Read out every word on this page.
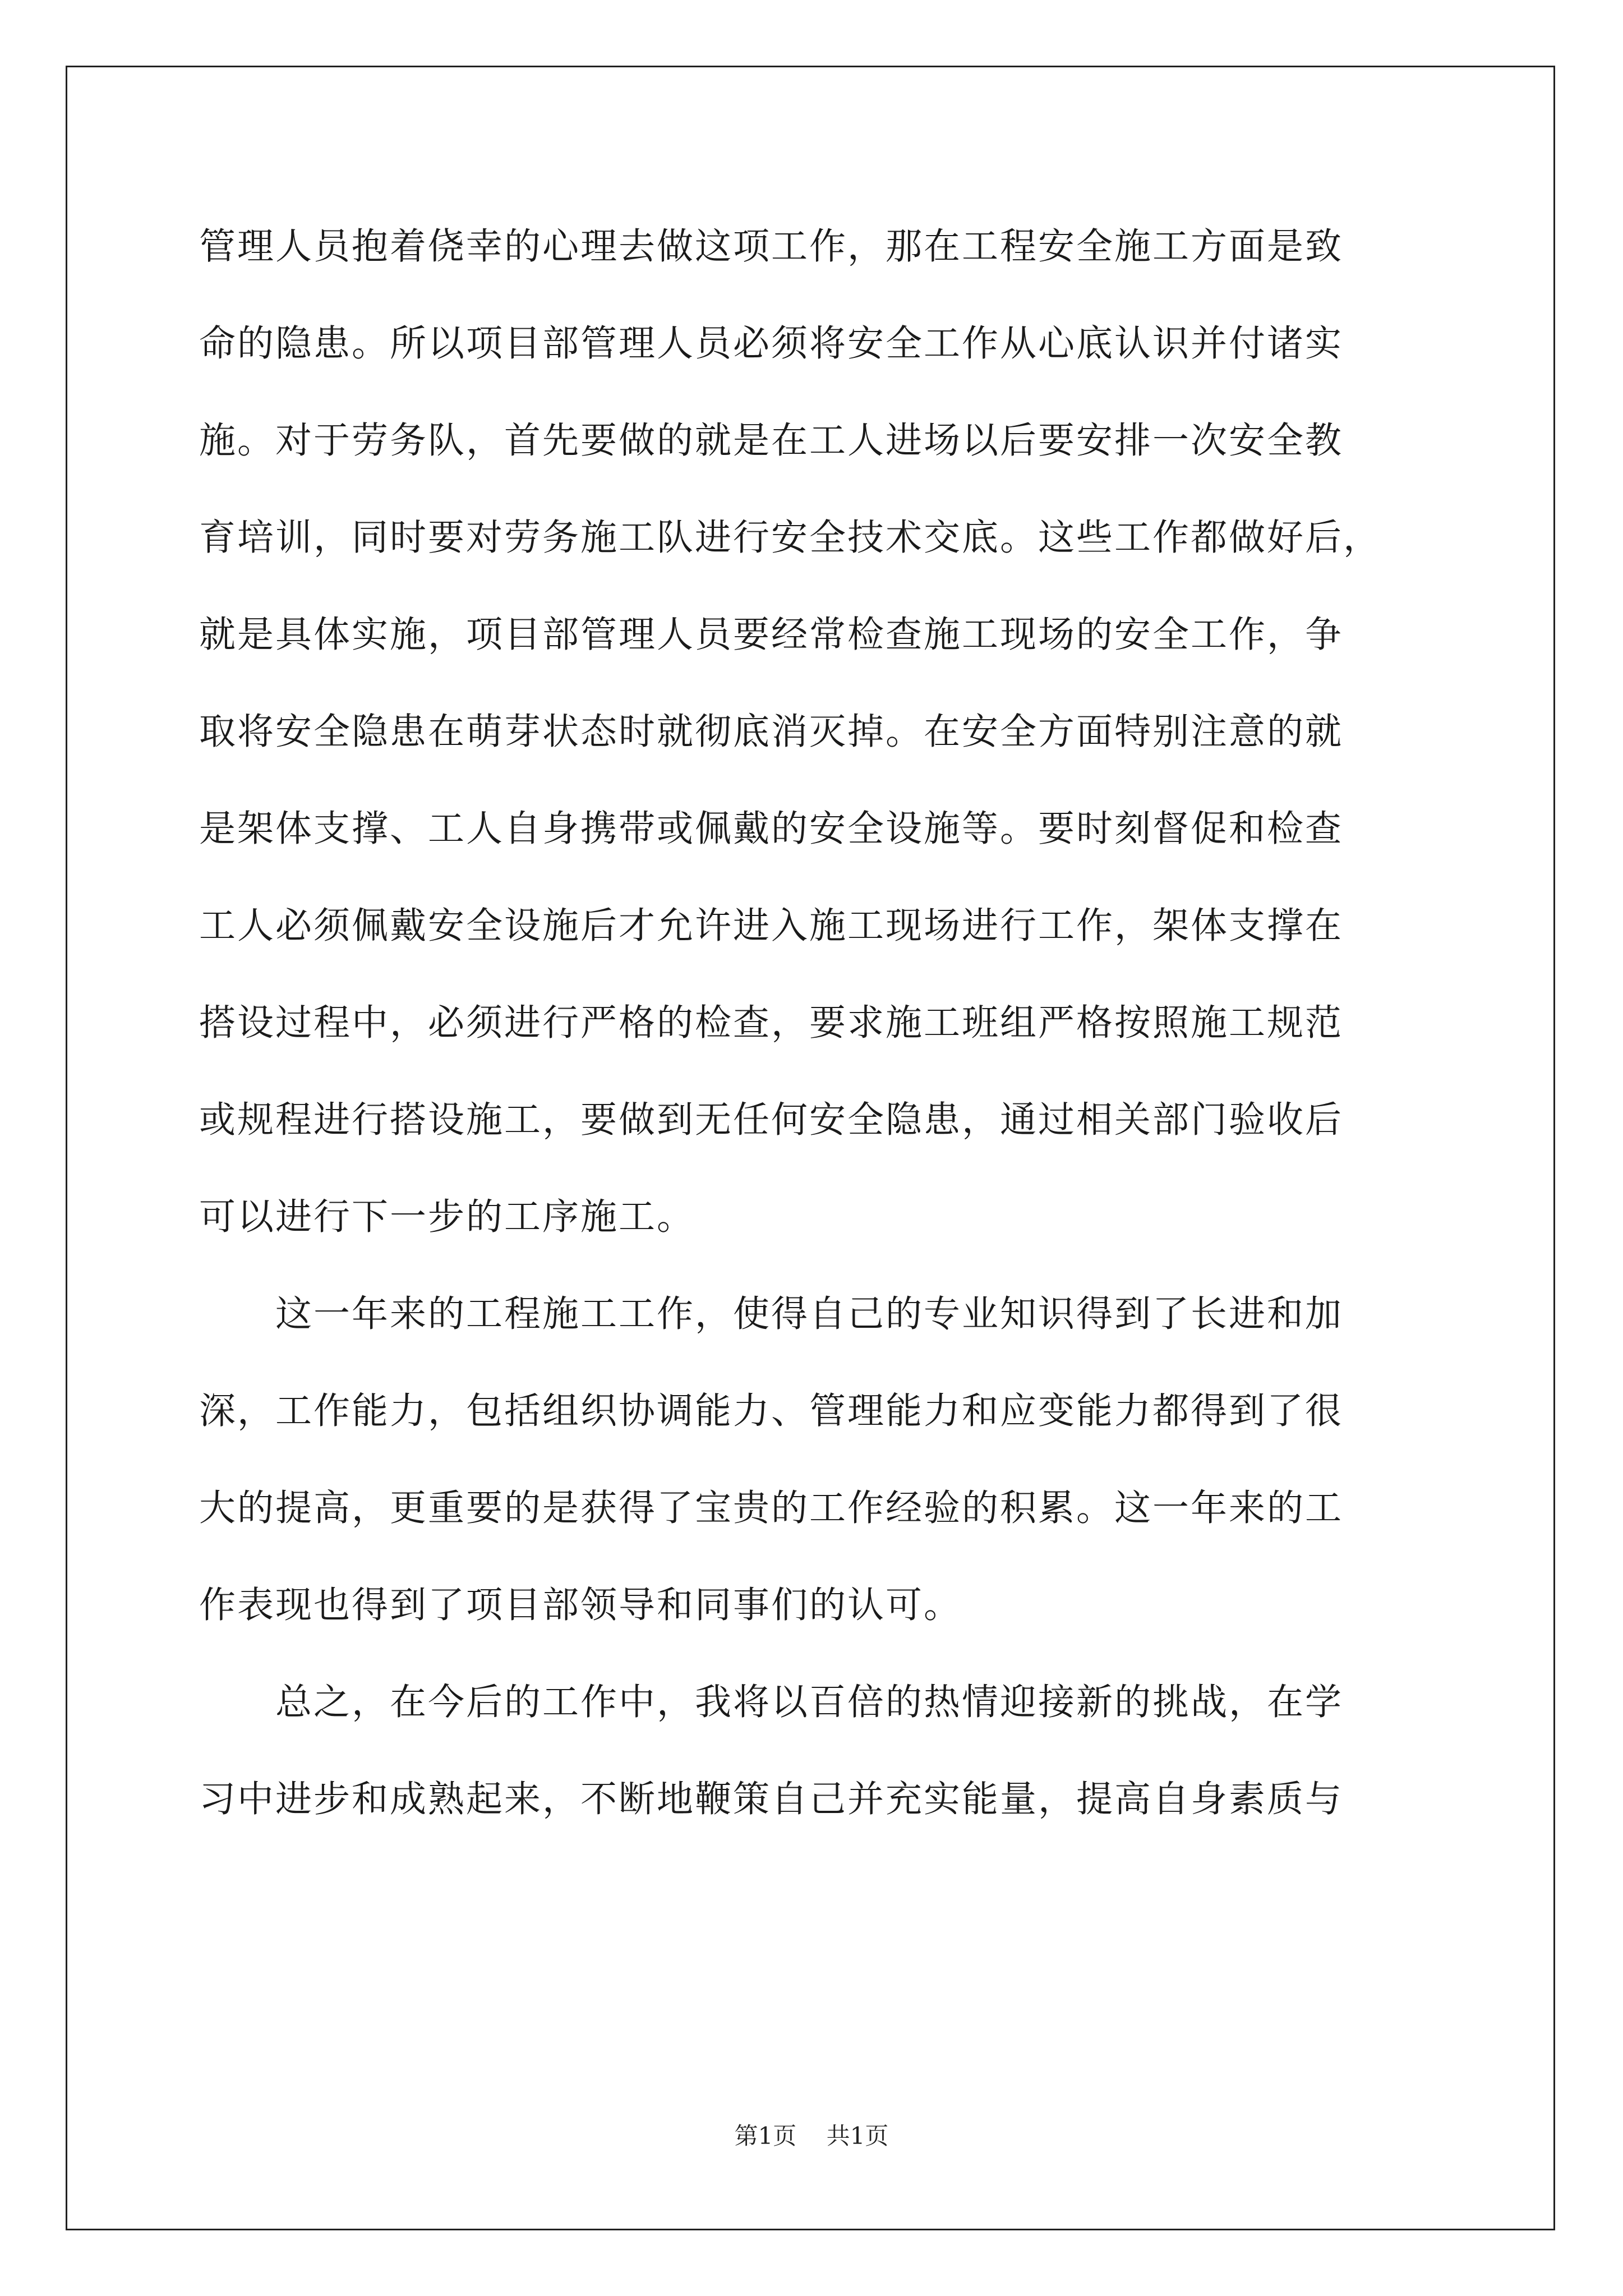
管理人员抱着侥幸的心理去做这项工作，那在工程安全施工方面是致
命的隐患。所以项目部管理人员必须将安全工作从心底认识并付诸实
施。对于劳务队，首先要做的就是在工人进场以后要安排一次安全教
育培训，同时要对劳务施工队进行安全技术交底。这些工作都做好后，
就是具体实施，项目部管理人员要经常检查施工现场的安全工作，争
取将安全隐患在萌芽状态时就彻底消灭掉。在安全方面特别注意的就
是架体支撑、工人自身携带或佩戴的安全设施等。要时刻督促和检查
工人必须佩戴安全设施后才允许进入施工现场进行工作，架体支撑在
搭设过程中，必须进行严格的检查，要求施工班组严格按照施工规范
或规程进行搭设施工，要做到无任何安全隐患，通过相关部门验收后
可以进行下一步的工序施工。
　　这一年来的工程施工工作，使得自己的专业知识得到了长进和加
深，工作能力，包括组织协调能力、管理能力和应变能力都得到了很
大的提高，更重要的是获得了宝贵的工作经验的积累。这一年来的工
作表现也得到了项目部领导和同事们的认可。
　　总之，在今后的工作中，我将以百倍的热情迎接新的挑战，在学
习中进步和成熟起来，不断地鞭策自己并充实能量，提高自身素质与
第1页 共1页
